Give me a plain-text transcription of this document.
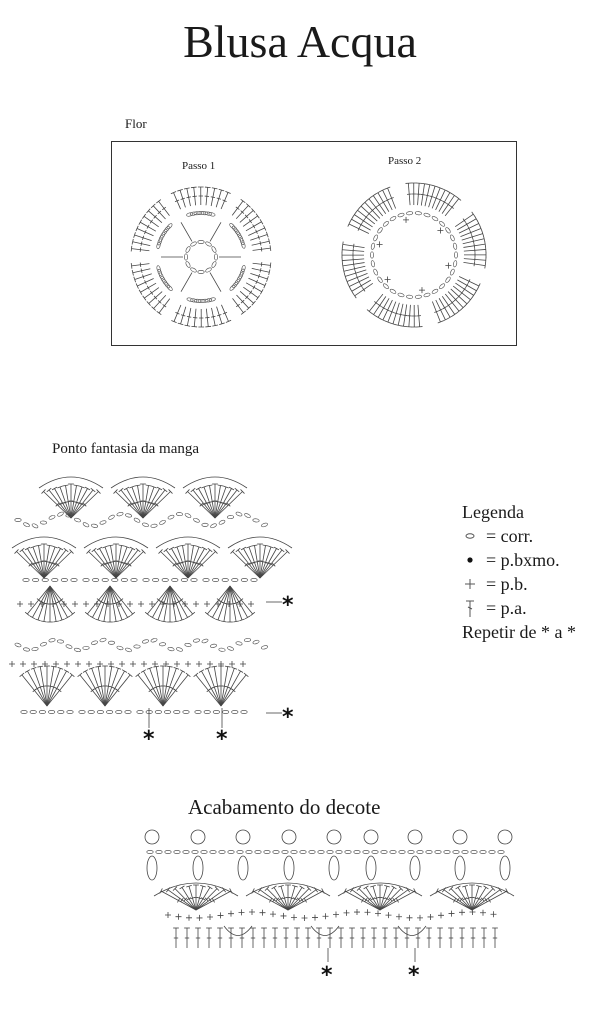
Blusa Acqua
Flor
Passo 1	Passo 2
Ponto fantasia da manga
Acabamento do decote
Legenda
= corr.
= p.bxmo.
= p.b.
= p.a.
Repetir de * a *
*
*
*	*
*	*
